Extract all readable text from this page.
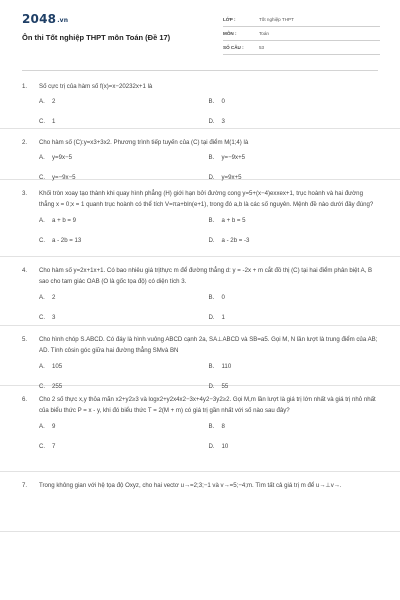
2048.vn
Ôn thi Tốt nghiệp THPT môn Toán (Đề 17)
LỚP :	Tốt nghiệp THPT
MÔN :	Toán
SỐ CÂU :	53
1.	Số cực trị của hàm số f(x)=x−20232x+1 là
A. 2	B. 0
C. 1	D. 3
2.	Cho hàm số (C):y=x3+3x2. Phương trình tiếp tuyến của (C) tại điểm M(1;4) là
A. y=9x−5	B. y=−9x+5
C. y=−9x−5	D. y=9x+5
3.	Khối tròn xoay tạo thành khi quay hình phẳng (H) giới hạn bởi đường cong y=5+(x−4)exxex+1, trục hoành và hai đường thẳng x = 0;x = 1 quanh trục hoành có thể tích V=πa+bln(e+1), trong đó a,b là các số nguyên. Mệnh đề nào dưới đây đúng?
A. a + b = 9	B. a + b = 5
C. a - 2b = 13	D. a - 2b = -3
4.	Cho hàm số y=2x+1x+1. Có bao nhiêu giá trịthực m để đường thẳng d: y = -2x + m cắt đồ thị (C) tại hai điểm phân biệt A, B sao cho tam giác OAB (O là gốc tọa độ) có diện tích 3.
A. 2	B. 0
C. 3	D. 1
5.	Cho hình chóp S.ABCD. Có đáy là hình vuông ABCD cạnh 2a, SA⊥ABCD và SB=a5. Gọi M, N lần lượt là trung điểm của AB; AD. Tính côsin góc giữa hai đường thẳng SMvà BN
A. 105	B. 110
C. 255	D. 55
6.	Cho 2 số thực x,y thỏa mãn x2+y2≥3 và logx2+y2x4x2−3x+4y2−3y2≥2. Gọi M,m lần lượt là giá trị lớn nhất và giá trị nhỏ nhất của biểu thức P = x - y, khi đó biểu thức T = 2(M + m) có giá trị gần nhất với số nào sau đây?
A. 9	B. 8
C. 7	D. 10
7.	Trong không gian với hệ tọa độ Oxyz, cho hai vectơ u→=2;3;−1 và v→=5;−4;m. Tìm tất cả giá trị m để u→⊥v→.
